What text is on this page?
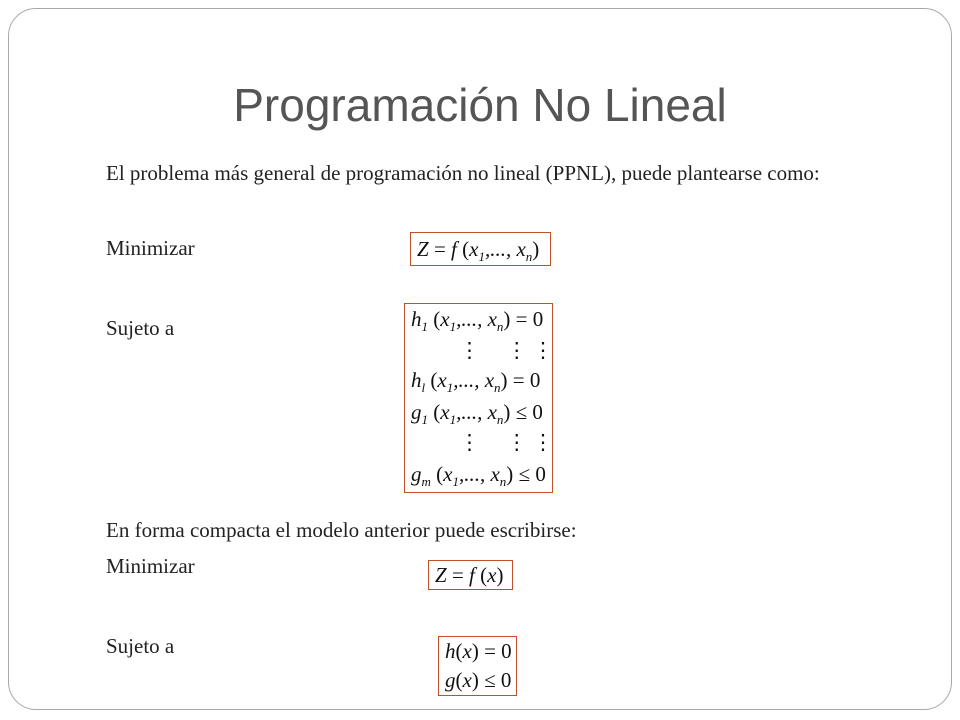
Programación No Lineal
El problema más general de programación no lineal (PPNL), puede plantearse como:
Minimizar	Z = f ($x_1$,..., $x_n$)
Sujeto a	$h_1$ ($x_1$,..., $x_n) = 0$
⋮     ⋮ ⋮
$h_l$ ($x_1$,..., $x_n) = 0$
$g_1$ ($x_1$,..., $x_n) \le 0$
⋮     ⋮ ⋮
$g_m$ ($x_1$,..., $x_n) \le 0$
En forma compacta el modelo anterior puede escribirse:
Minimizar	Z = f (x)
Sujeto a	h(x) = 0
g(x) ≤ 0
